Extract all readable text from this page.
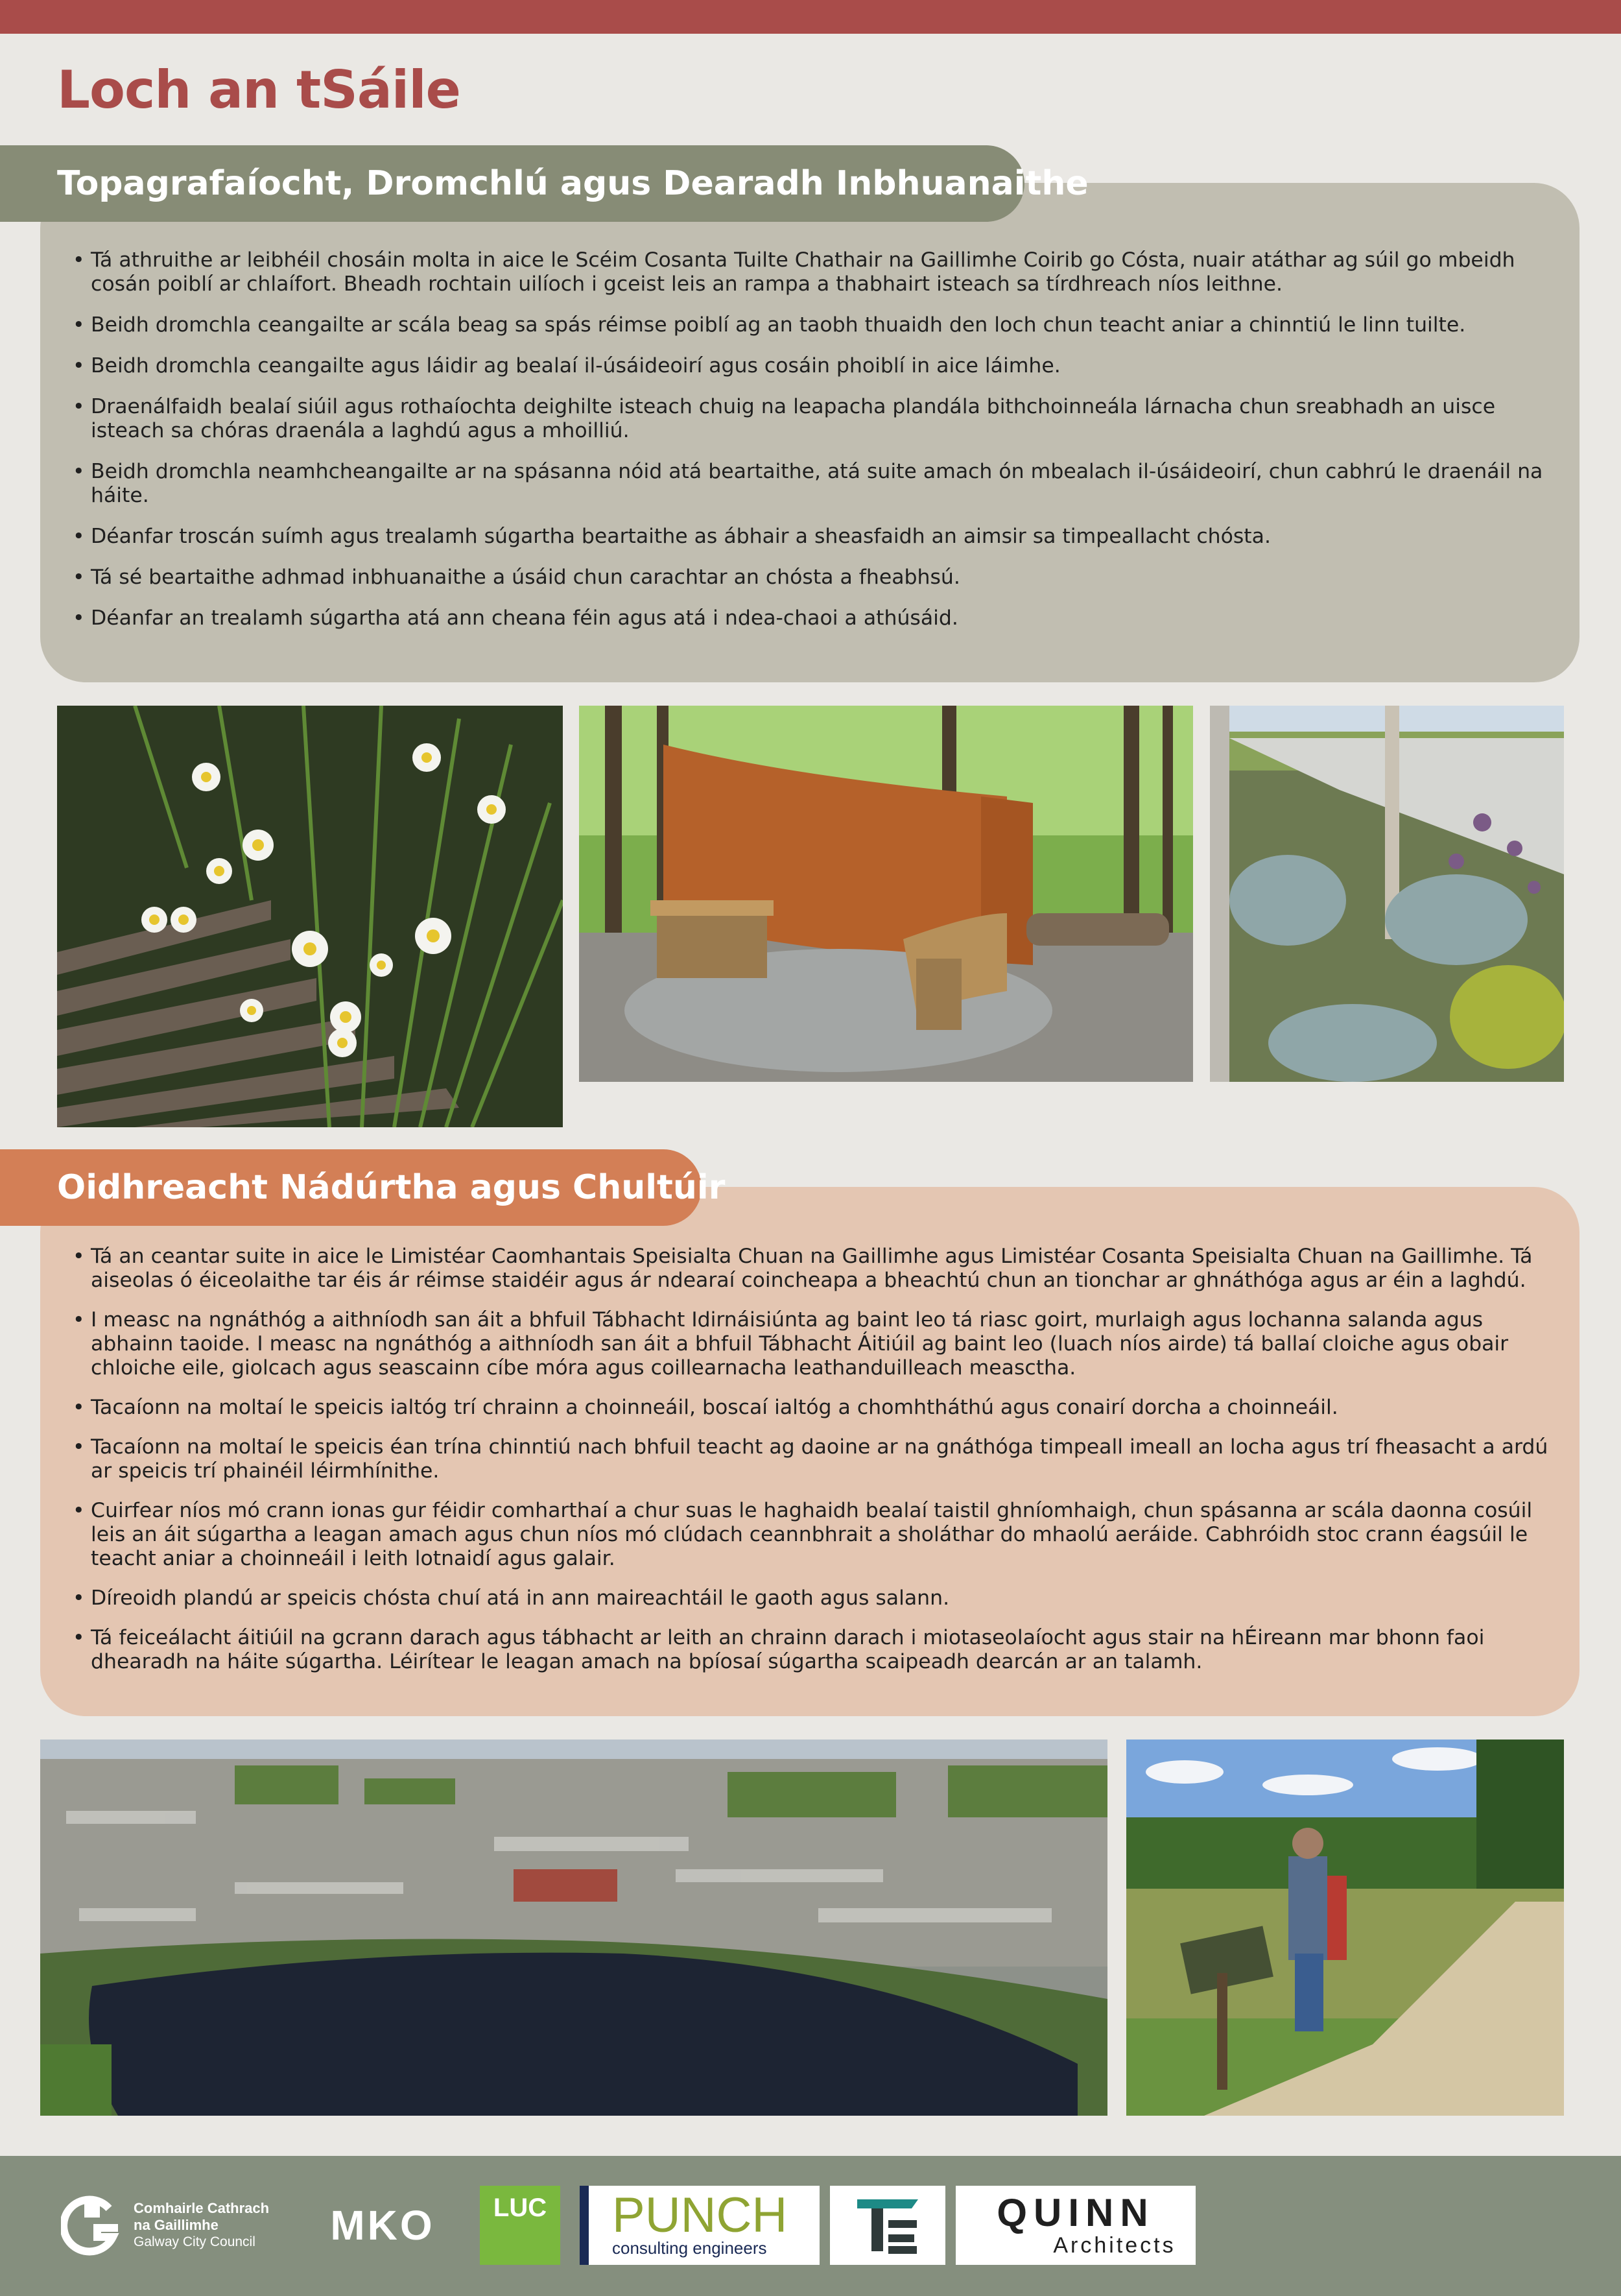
Loch an tSáile
Topagrafaíocht, Dromchlú agus Dearadh Inbhuanaithe
• Tá athruithe ar leibhéil chosáin molta in aice le Scéim Cosanta Tuilte Chathair na Gaillimhe Coirib go Cósta, nuair atáthar ag súil go mbeidh cosán poiblí ar chlaífort. Bheadh rochtain uilíoch i gceist leis an rampa a thabhairt isteach sa tírdhreach níos leithne.
• Beidh dromchla ceangailte ar scála beag sa spás réimse poiblí ag an taobh thuaidh den loch chun teacht aniar a chinntiú le linn tuilte.
• Beidh dromchla ceangailte agus láidir ag bealaí il-úsáideoirí agus cosáin phoiblí in aice láimhe.
• Draenálfaidh bealaí siúil agus rothaíochta deighilte isteach chuig na leapacha plandála bithchoinneála lárnacha chun sreabhadh an uisce isteach sa chóras draenála a laghdú agus a mhoilliú.
• Beidh dromchla neamhcheangailte ar na spásanna nóid atá beartaithe, atá suite amach ón mbealach il-úsáideoirí, chun cabhrú le draenáil na háite.
• Déanfar troscán suímh agus trealamh súgartha beartaithe as ábhair a sheasfaidh an aimsir sa timpeallacht chósta.
• Tá sé beartaithe adhmad inbhuanaithe a úsáid chun carachtar an chósta a fheabhsú.
• Déanfar an trealamh súgartha atá ann cheana féin agus atá i ndea-chaoi a athúsáid.
Oidhreacht Nádúrtha agus Chultúir
• Tá an ceantar suite in aice le Limistéar Caomhantais Speisialta Chuan na Gaillimhe agus Limistéar Cosanta Speisialta Chuan na Gaillimhe. Tá aiseolas ó éiceolaithe tar éis ár réimse staidéir agus ár ndearaí coincheapa a bheachtú chun an tionchar ar ghnáthóga agus ar éin a laghdú.
• I measc na ngnáthóg a aithníodh san áit a bhfuil Tábhacht Idirnáisiúnta ag baint leo tá riasc goirt, murlaigh agus lochanna salanda agus abhainn taoide. I measc na ngnáthóg a aithníodh san áit a bhfuil Tábhacht Áitiúil ag baint leo (luach níos airde) tá ballaí cloiche agus obair chloiche eile, giolcach agus seascainn cíbe móra agus coillearnacha leathanduilleach measctha.
• Tacaíonn na moltaí le speicis ialtóg trí chrainn a choinneáil, boscaí ialtóg a chomhtháthú agus conairí dorcha a choinneáil.
• Tacaíonn na moltaí le speicis éan trína chinntiú nach bhfuil teacht ag daoine ar na gnáthóga timpeall imeall an locha agus trí fheasacht a ardú ar speicis trí phainéil léirmhínithe.
• Cuirfear níos mó crann ionas gur féidir comharthaí a chur suas le haghaidh bealaí taistil ghníomhaigh, chun spásanna ar scála daonna cosúil leis an áit súgartha a leagan amach agus chun níos mó clúdach ceannbhrait a sholáthar do mhaolú aeráide. Cabhróidh stoc crann éagsúil le teacht aniar a choinneáil i leith lotnaidí agus galair.
• Díreoidh plandú ar speicis chósta chuí atá in ann maireachtáil le gaoth agus salann.
• Tá feiceálacht áitiúil na gcrann darach agus tábhacht ar leith an chrainn darach i miotaseolaíocht agus stair na hÉireann mar bhonn faoi dhearadh na háite súgartha. Léirítear le leagan amach na bpíosaí súgartha scaipeadh dearcán ar an talamh.
Comhairle Cathrach
na Gaillimhe
Galway City Council	MKO LUC PUNCH
consulting engineers
QUINN
Architects
